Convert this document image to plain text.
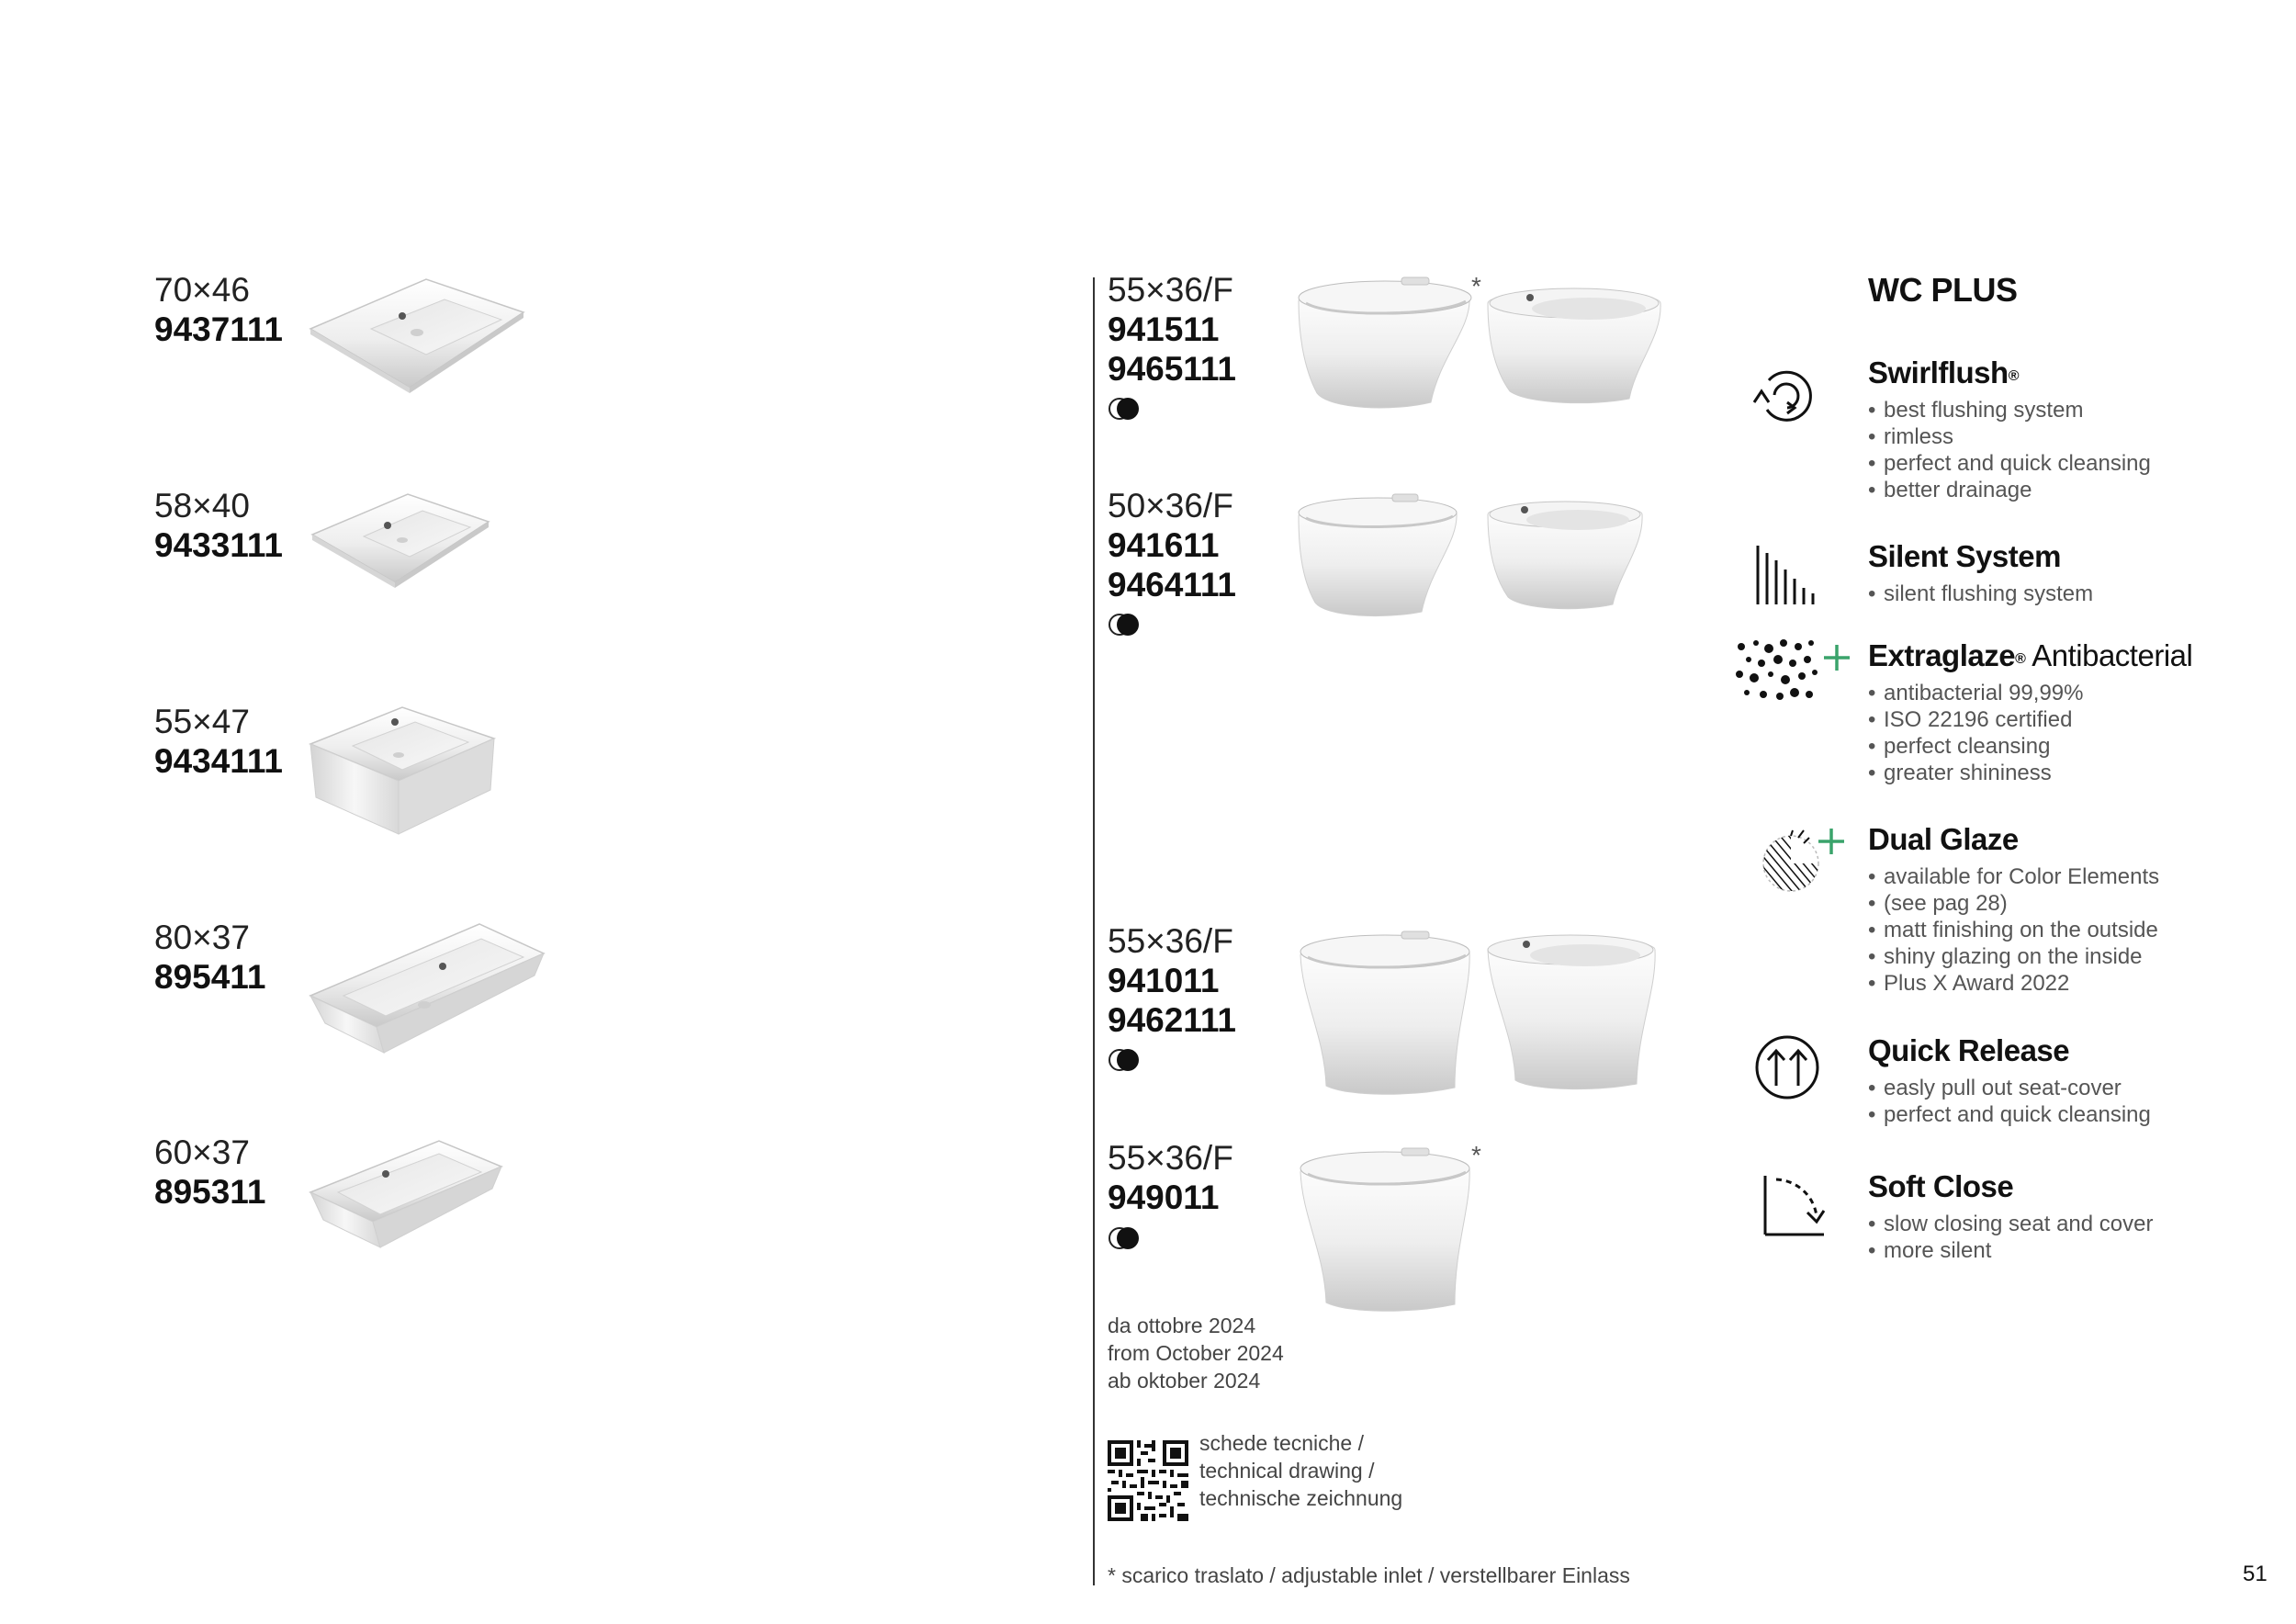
70×46
9437111
58×40
9433111
55×47
9434111
80×37
895411
60×37
895311
55×36/F
941511
9465111
*
50×36/F
941611
9464111
55×36/F
941011
9462111
55×36/F
949011
*
da ottobre 2024
from October 2024
ab oktober 2024
schede tecniche /
technical drawing /
technische zeichnung
* scarico traslato / adjustable inlet / verstellbarer Einlass
WC PLUS
Swirlflush®
• best flushing system
• rimless
• perfect and quick cleansing
• better drainage
Silent System
• silent flushing system
Extraglaze® Antibacterial
• antibacterial 99,99%
• ISO 22196 certified
• perfect cleansing
• greater shininess
Dual Glaze
• available for Color Elements
• (see pag 28)
• matt finishing on the outside
• shiny glazing on the inside
• Plus X Award 2022
Quick Release
• easly pull out seat-cover
• perfect and quick cleansing
Soft Close
• slow closing seat and cover
• more silent
51
